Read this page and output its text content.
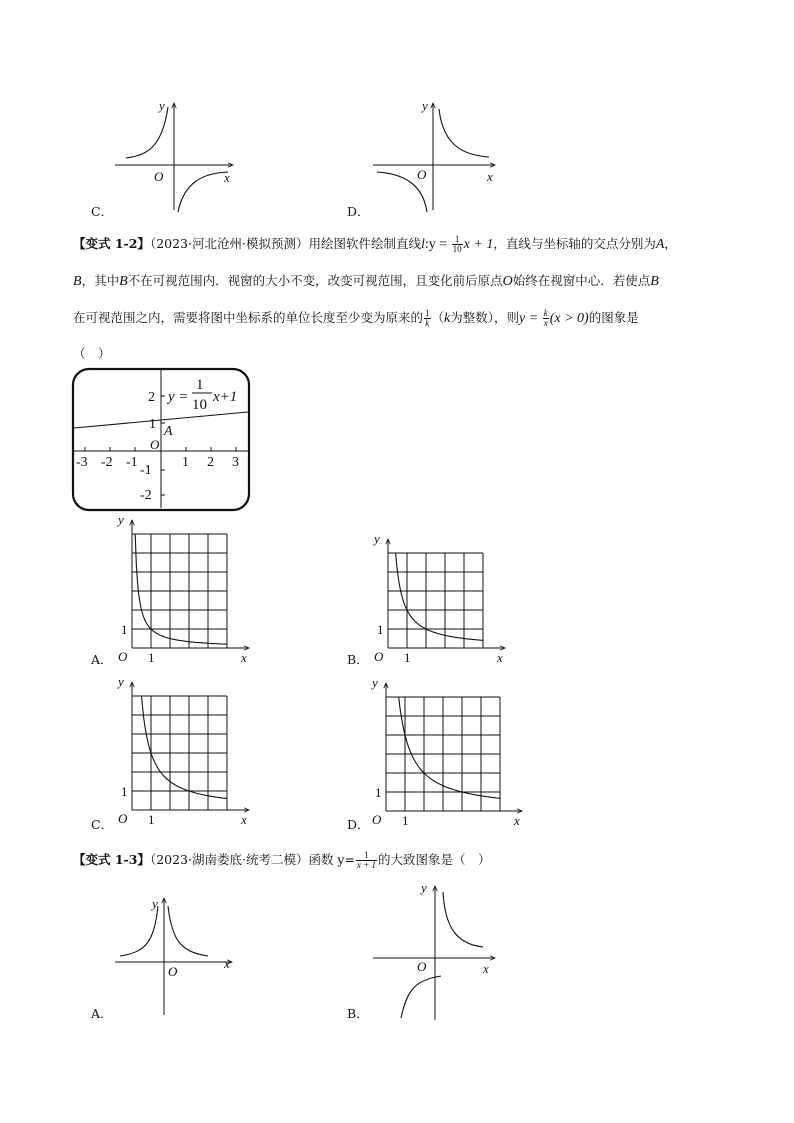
y
x
O
C．
y
x
O
D．
【变式 1-2】（2023·河北沧州·模拟预测）用绘图软件绘制直线l:y = $\frac{1}{10}$ x + 1，直线与坐标轴的交点分别为A，
B，其中B不在可视范围内．视窗的大小不变，改变可视范围，且变化前后原点O始终在视窗中心．若使点B
在可视范围之内，需要将图中坐标系的单位长度至少变为原来的 $\frac{1}{k} (k$为整数），则$y = \frac{k}{x} (x > 0)$的图象是
（　）
2
1
-1
-2
-3 -2 -1	1 2 3
O
A
y =
1
10 x+1
y
x
O
1
1
A．
y
x
O
1
1
B．
y
x
O
1
1
C．
y
x
O
1
1
D．
【变式 1-3】（2023·湖南娄底·统考二模）函数 $y= \frac{1}{x + 1}$ 的大致图象是（　）
y
x
O
A．
y
x
O
B．
